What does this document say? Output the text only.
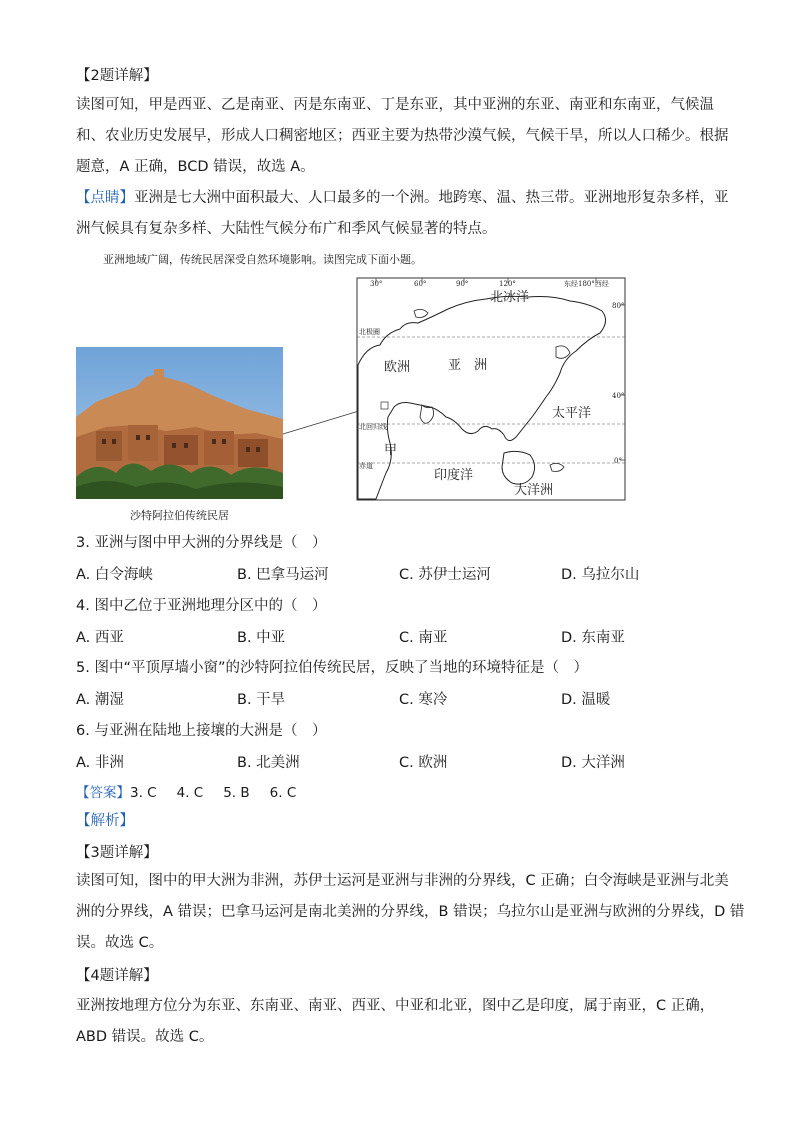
【2题详解】
读图可知，甲是西亚、乙是南亚、丙是东南亚、丁是东亚，其中亚洲的东亚、南亚和东南亚，气候温
和、农业历史发展早，形成人口稠密地区；西亚主要为热带沙漠气候，气候干旱，所以人口稀少。根据
题意，A 正确，BCD 错误，故选 A。
【点睛】亚洲是七大洲中面积最大、人口最多的一个洲。地跨寒、温、热三带。亚洲地形复杂多样，亚
洲气候具有复杂多样、大陆性气候分布广和季风气候显著的特点。
亚洲地域广阔，传统民居深受自然环境影响。读图完成下面小题。
沙特阿拉伯传统民居
30°	60°	90°	120°	东经180°西经
80°
40°
0°
北极圈
北回归线
赤道
北冰洋
欧洲	亚　洲
太平洋
甲
印度洋
大洋洲
3. 亚洲与图中甲大洲的分界线是（　）
A. 白令海峡	B. 巴拿马运河	C. 苏伊士运河	D. 乌拉尔山
4. 图中乙位于亚洲地理分区中的（　）
A. 西亚	B. 中亚	C. 南亚	D. 东南亚
5. 图中“平顶厚墙小窗”的沙特阿拉伯传统民居，反映了当地的环境特征是（　）
A. 潮湿	B. 干旱	C. 寒冷	D. 温暖
6. 与亚洲在陆地上接壤的大洲是（　）
A. 非洲	B. 北美洲	C. 欧洲	D. 大洋洲
【答案】3. C 4. C 5. B 6. C
【解析】
【3题详解】
读图可知，图中的甲大洲为非洲，苏伊士运河是亚洲与非洲的分界线，C 正确；白令海峡是亚洲与北美
洲的分界线，A 错误；巴拿马运河是南北美洲的分界线，B 错误；乌拉尔山是亚洲与欧洲的分界线，D 错
误。故选 C。
【4题详解】
亚洲按地理方位分为东亚、东南亚、南亚、西亚、中亚和北亚，图中乙是印度，属于南亚，C 正确，
ABD 错误。故选 C。
